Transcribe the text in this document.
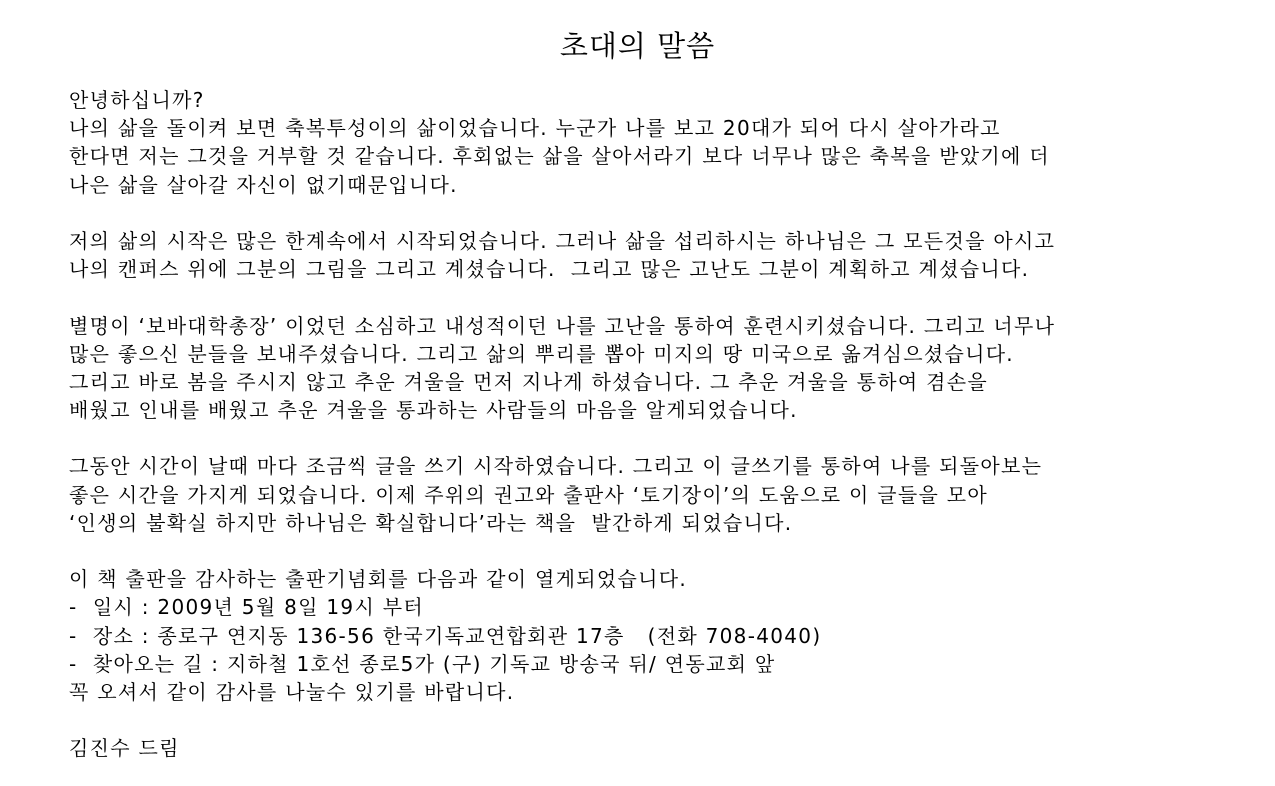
초대의 말씀
안녕하십니까?
나의 삶을 돌이켜 보면 축복투성이의 삶이었습니다. 누군가 나를 보고 20대가 되어 다시 살아가라고
한다면 저는 그것을 거부할 것 같습니다. 후회없는 삶을 살아서라기 보다 너무나 많은 축복을 받았기에 더
나은 삶을 살아갈 자신이 없기때문입니다.
저의 삶의 시작은 많은 한계속에서 시작되었습니다. 그러나 삶을 섭리하시는 하나님은 그 모든것을 아시고
나의 캔퍼스 위에 그분의 그림을 그리고 계셨습니다.  그리고 많은 고난도 그분이 계획하고 계셨습니다.
별명이 ‘보바대학총장’ 이었던 소심하고 내성적이던 나를 고난을 통하여 훈련시키셨습니다. 그리고 너무나
많은 좋으신 분들을 보내주셨습니다. 그리고 삶의 뿌리를 뽑아 미지의 땅 미국으로 옮겨심으셨습니다.
그리고 바로 봄을 주시지 않고 추운 겨울을 먼저 지나게 하셨습니다. 그 추운 겨울을 통하여 겸손을
배웠고 인내를 배웠고 추운 겨울을 통과하는 사람들의 마음을 알게되었습니다.
그동안 시간이 날때 마다 조금씩 글을 쓰기 시작하였습니다. 그리고 이 글쓰기를 통하여 나를 되돌아보는
좋은 시간을 가지게 되었습니다. 이제 주위의 권고와 출판사 ‘토기장이’의 도움으로 이 글들을 모아
‘인생의 불확실 하지만 하나님은 확실합니다’라는 책을  발간하게 되었습니다.
이 책 출판을 감사하는 출판기념회를 다음과 같이 열게되었습니다.
-  일시 : 2009년 5월 8일 19시 부터
-  장소 : 종로구 연지동 136-56 한국기독교연합회관 17층   (전화 708-4040)
-  찾아오는 길 : 지하철 1호선 종로5가 (구) 기독교 방송국 뒤/ 연동교회 앞
꼭 오셔서 같이 감사를 나눌수 있기를 바랍니다.
김진수 드림
